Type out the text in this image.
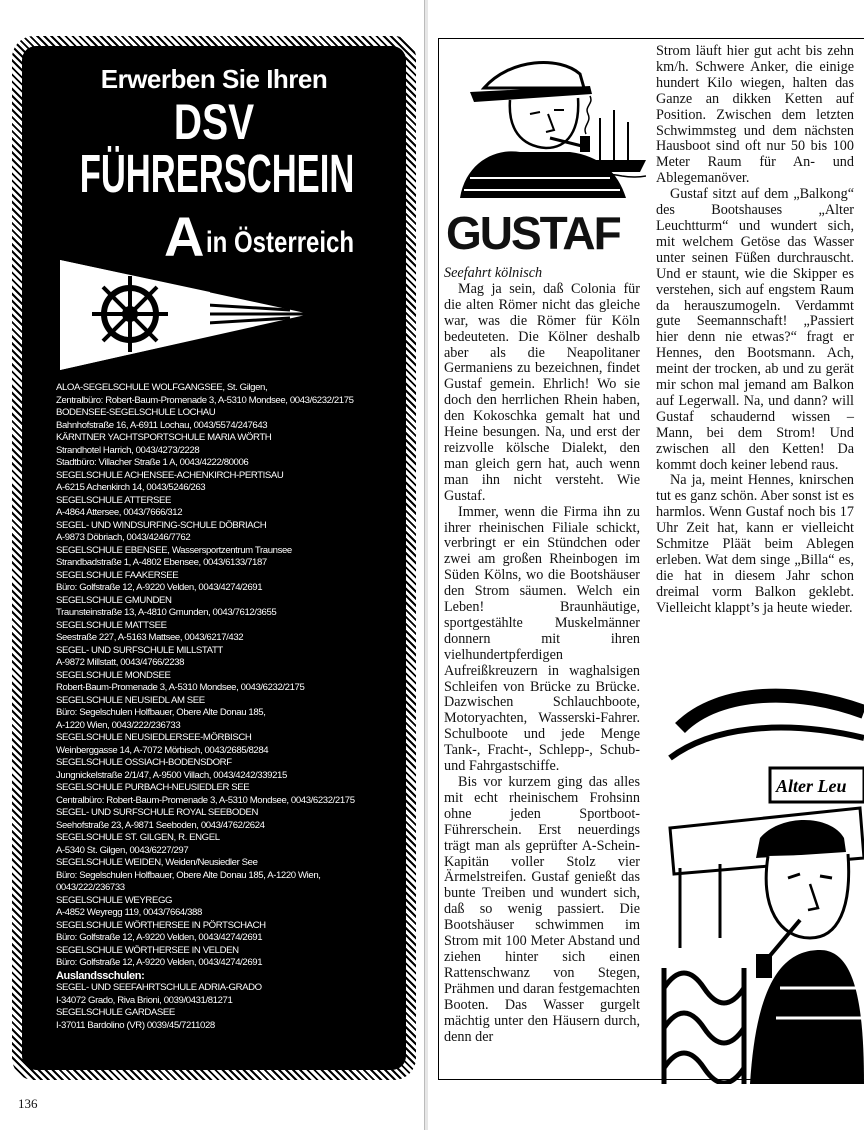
Erwerben Sie Ihren
DSV
FÜHRERSCHEIN
Ain Österreich
ALOA-SEGELSCHULE WOLFGANGSEE, St. Gilgen,
Zentralbüro: Robert-Baum-Promenade 3, A-5310 Mondsee, 0043/6232/2175
BODENSEE-SEGELSCHULE LOCHAU
Bahnhofstraße 16, A-6911 Lochau, 0043/5574/247643
KÄRNTNER YACHTSPORTSCHULE MARIA WÖRTH
Strandhotel Harrich, 0043/4273/2228
Stadtbüro: Villacher Straße 1 A, 0043/4222/80006
SEGELSCHULE ACHENSEE-ACHENKIRCH-PERTISAU
A-6215 Achenkirch 14, 0043/5246/263
SEGELSCHULE ATTERSEE
A-4864 Attersee, 0043/7666/312
SEGEL- UND WINDSURFING-SCHULE DÖBRIACH
A-9873 Döbriach, 0043/4246/7762
SEGELSCHULE EBENSEE, Wassersportzentrum Traunsee
Strandbadstraße 1, A-4802 Ebensee, 0043/6133/7187
SEGELSCHULE FAAKERSEE
Büro: Golfstraße 12, A-9220 Velden, 0043/4274/2691
SEGELSCHULE GMUNDEN
Traunsteinstraße 13, A-4810 Gmunden, 0043/7612/3655
SEGELSCHULE MATTSEE
Seestraße 227, A-5163 Mattsee, 0043/6217/432
SEGEL- UND SURFSCHULE MILLSTATT
A-9872 Millstatt, 0043/4766/2238
SEGELSCHULE MONDSEE
Robert-Baum-Promenade 3, A-5310 Mondsee, 0043/6232/2175
SEGELSCHULE NEUSIEDL AM SEE
Büro: Segelschulen Holfbauer, Obere Alte Donau 185,
A-1220 Wien, 0043/222/236733
SEGELSCHULE NEUSIEDLERSEE-MÖRBISCH
Weinberggasse 14, A-7072 Mörbisch, 0043/2685/8284
SEGELSCHULE OSSIACH-BODENSDORF
Jungnickelstraße 2/1/47, A-9500 Villach, 0043/4242/339215
SEGELSCHULE PURBACH-NEUSIEDLER SEE
Centralbüro: Robert-Baum-Promenade 3, A-5310 Mondsee, 0043/6232/2175
SEGEL- UND SURFSCHULE ROYAL SEEBODEN
Seehofstraße 23, A-9871 Seeboden, 0043/4762/2624
SEGELSCHULE ST. GILGEN, R. ENGEL
A-5340 St. Gilgen, 0043/6227/297
SEGELSCHULE WEIDEN, Weiden/Neusiedler See
Büro: Segelschulen Holfbauer, Obere Alte Donau 185, A-1220 Wien,
0043/222/236733
SEGELSCHULE WEYREGG
A-4852 Weyregg 119, 0043/7664/388
SEGELSCHULE WÖRTHERSEE IN PÖRTSCHACH
Büro: Golfstraße 12, A-9220 Velden, 0043/4274/2691
SEGELSCHULE WÖRTHERSEE IN VELDEN
Büro: Golfstraße 12, A-9220 Velden, 0043/4274/2691
Auslandsschulen:
SEGEL- UND SEEFAHRTSCHULE ADRIA-GRADO
I-34072 Grado, Riva Brioni, 0039/0431/81271
SEGELSCHULE GARDASEE
I-37011 Bardolino (VR) 0039/45/7211028
136
GUSTAF

Seefahrt kölnisch

Mag ja sein, daß Colonia für die alten Römer nicht das gleiche war, was die Römer für Köln bedeuteten. Die Kölner deshalb aber als die Neapolitaner Germaniens zu bezeichnen, findet Gustaf gemein. Ehrlich! Wo sie doch den herrlichen Rhein haben, den Kokoschka gemalt hat und Heine besungen. Na, und erst der reizvolle kölsche Dialekt, den man gleich gern hat, auch wenn man ihn nicht versteht. Wie Gustaf.

Immer, wenn die Firma ihn zu ihrer rheinischen Filiale schickt, verbringt er ein Stündchen oder zwei am großen Rheinbogen im Süden Kölns, wo die Bootshäuser den Strom säumen. Welch ein Leben! Braunhäutige, sportgestählte Muskelmänner donnern mit ihren vielhundertpferdigen Aufreißkreuzern in waghalsigen Schleifen von Brücke zu Brücke. Dazwischen Schlauchboote, Motoryachten, Wasserski-Fahrer. Schulboote und jede Menge Tank-, Fracht-, Schlepp-, Schub- und Fahrgastschiffe.

Bis vor kurzem ging das alles mit echt rheinischem Frohsinn ohne jeden Sportboot-Führerschein. Erst neuerdings trägt man als geprüfter A-Schein-Kapitän voller Stolz vier Ärmelstreifen. Gustaf genießt das bunte Treiben und wundert sich, daß so wenig passiert. Die Bootshäuser schwimmen im Strom mit 100 Meter Abstand und ziehen hinter sich einen Rattenschwanz von Stegen, Prähmen und daran festgemachten Booten. Das Wasser gurgelt mächtig unter den Häusern durch, denn der

Strom läuft hier gut acht bis zehn km/h. Schwere Anker, die einige hundert Kilo wiegen, halten das Ganze an dikken Ketten auf Position. Zwischen dem letzten Schwimmsteg und dem nächsten Hausboot sind oft nur 50 bis 100 Meter Raum für An- und Ablegemanöver.

Gustaf sitzt auf dem „Balkong“ des Bootshauses „Alter Leuchtturm“ und wundert sich, mit welchem Getöse das Wasser unter seinen Füßen durchrauscht. Und er staunt, wie die Skipper es verstehen, sich auf engstem Raum da herauszumogeln. Verdammt gute Seemannschaft! „Passiert hier denn nie etwas?“ fragt er Hennes, den Bootsmann. Ach, meint der trocken, ab und zu gerät mir schon mal jemand am Balkon auf Legerwall. Na, und dann? will Gustaf schaudernd wissen – Mann, bei dem Strom! Und zwischen all den Ketten! Da kommt doch keiner lebend raus.

Na ja, meint Hennes, knirschen tut es ganz schön. Aber sonst ist es harmlos. Wenn Gustaf noch bis 17 Uhr Zeit hat, kann er vielleicht Schmitze Pläät beim Ablegen erleben. Wat dem singe „Billa“ es, die hat in diesem Jahr schon dreimal vorm Balkon geklebt. Vielleicht klappt’s ja heute wieder.

Alter Leu
